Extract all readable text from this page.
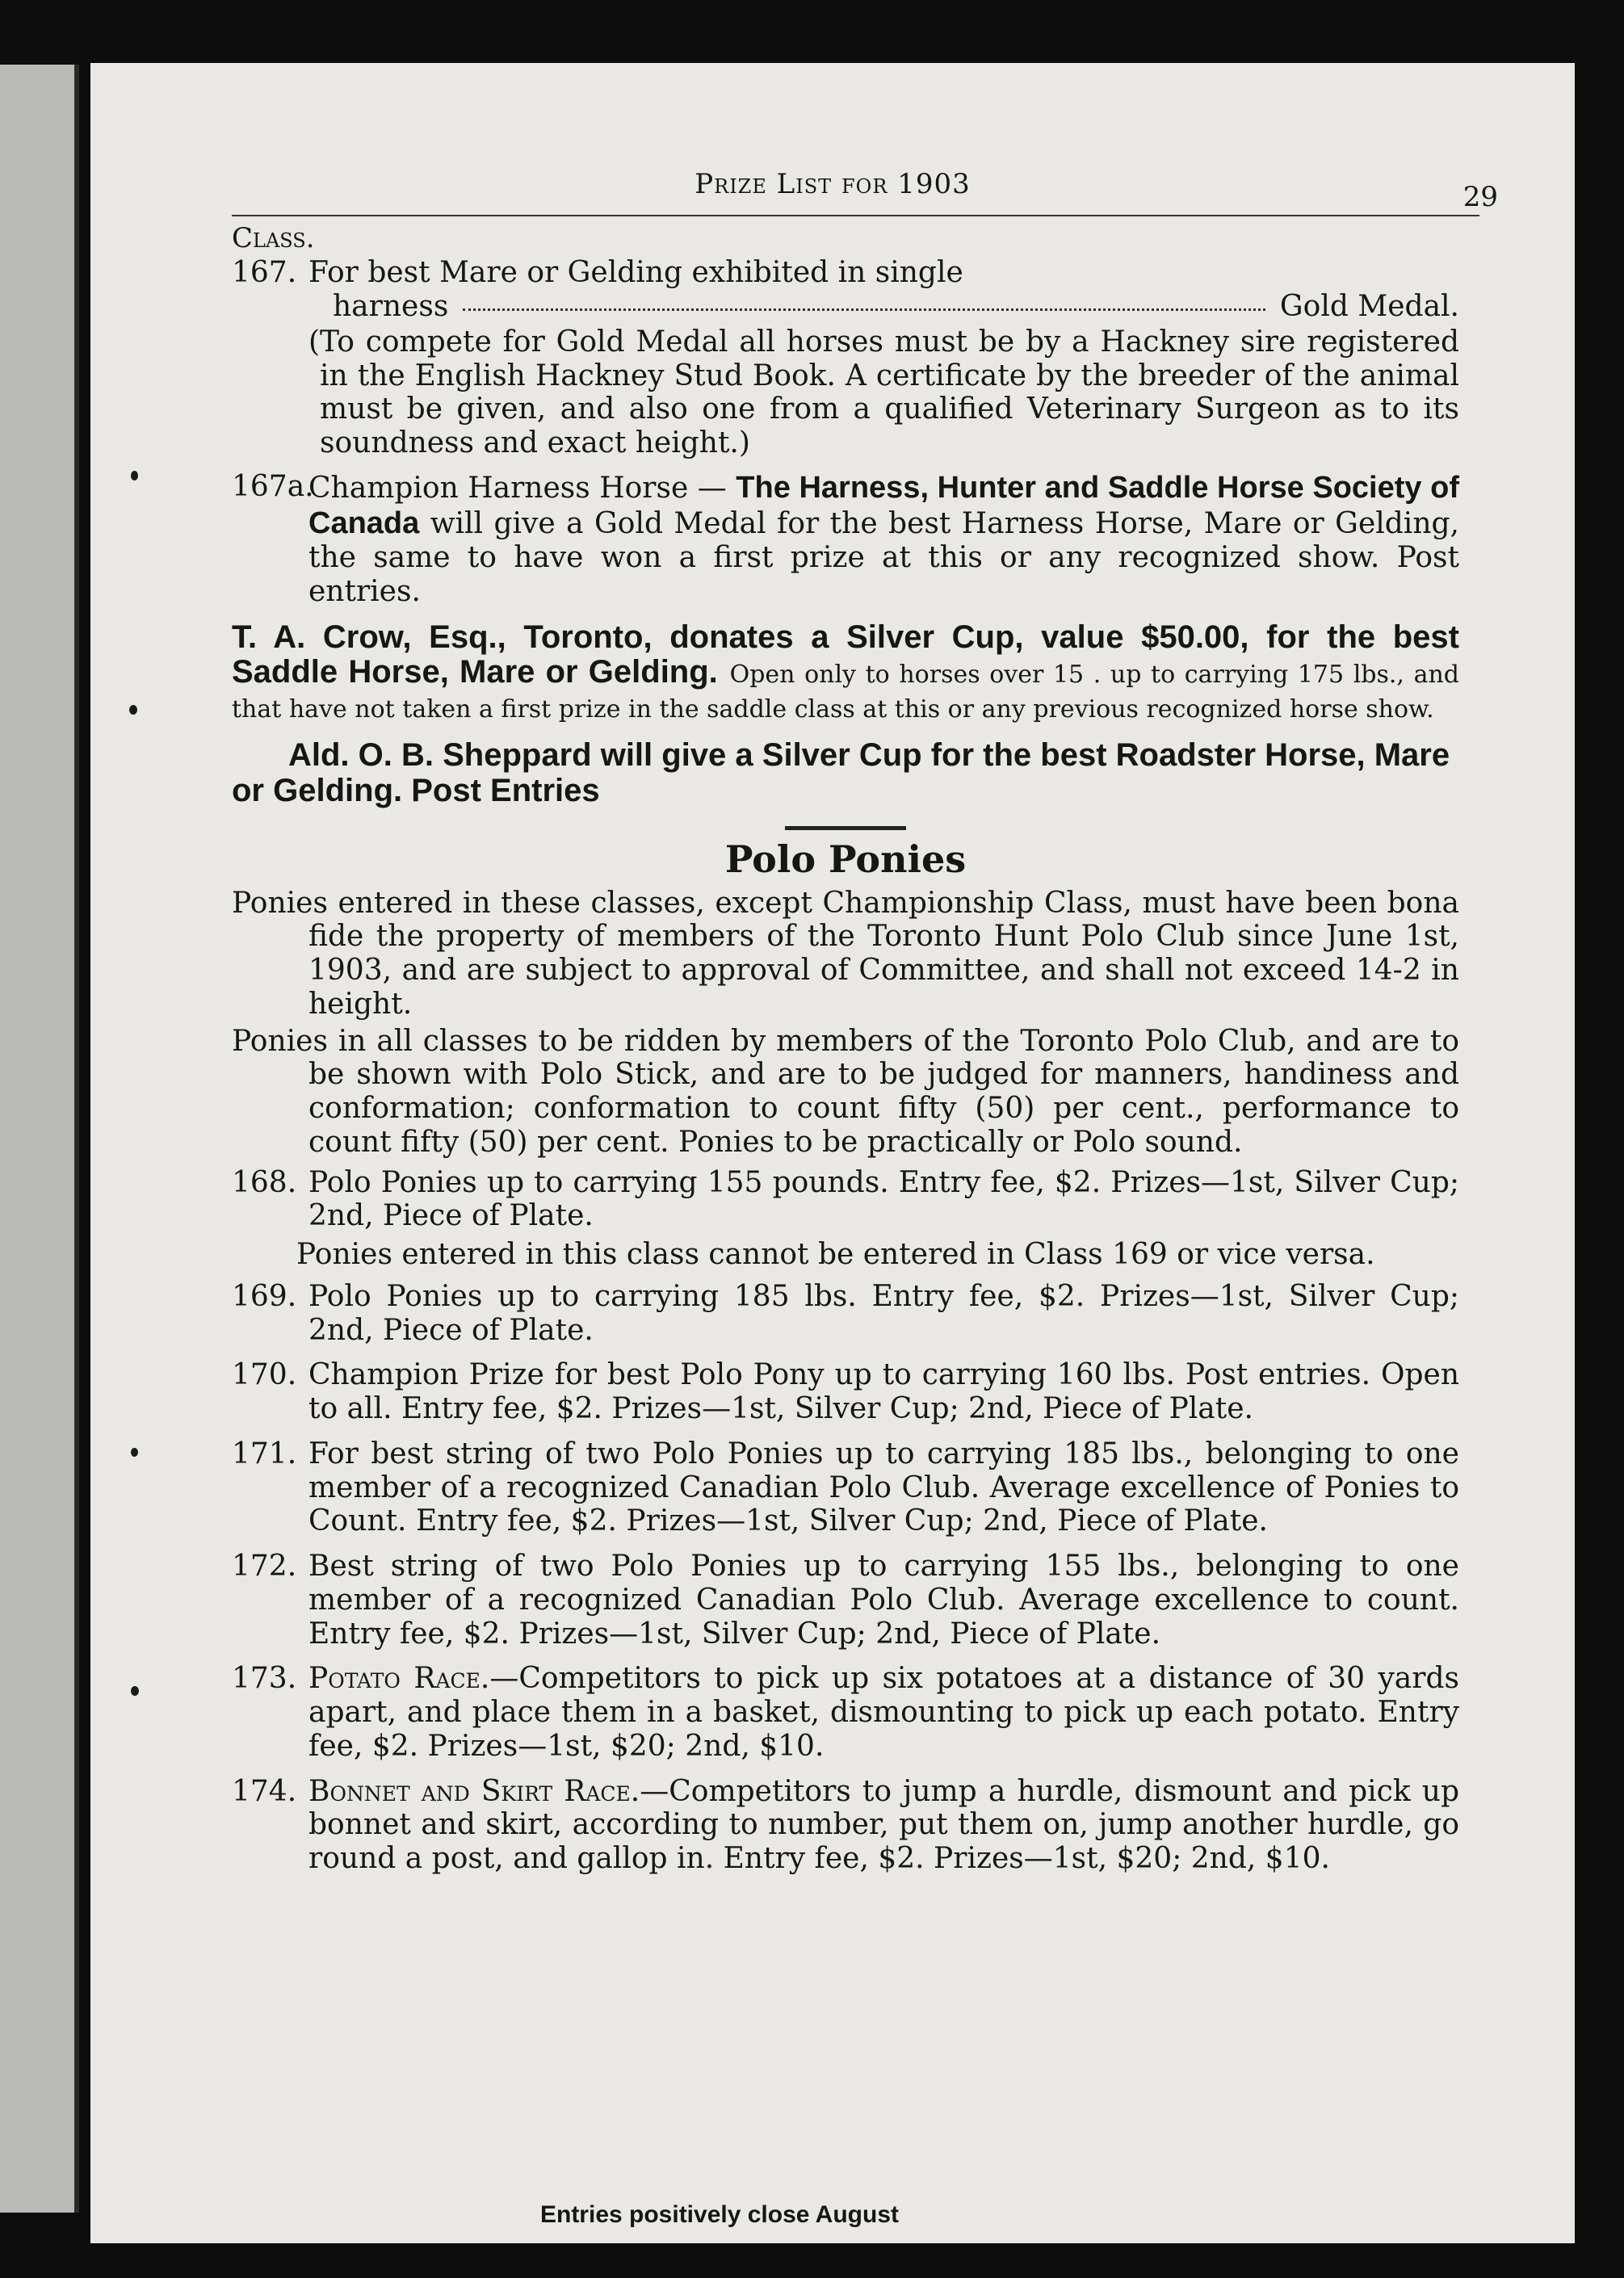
Prize List for 1903	29
Class.
167. For best Mare or Gelding exhibited in single
harness	Gold Medal.
(To compete for Gold Medal all horses must be by a Hackney sire registered in the English Hackney Stud Book. A certificate by the breeder of the animal must be given, and also one from a qualified Veterinary Surgeon as to its soundness and exact height.)
167a.
Champion Harness Horse — The Harness, Hunter and Saddle Horse Society of Canada will give a Gold Medal for the best Harness Horse, Mare or Gelding, the same to have won a first prize at this or any recognized show. Post entries.
T. A. Crow, Esq., Toronto, donates a Silver Cup, value $50.00, for the best Saddle Horse, Mare or Gelding. Open only to horses over 15 . up to carrying 175 lbs., and that have not taken a first prize in the saddle class at this or any previous recognized horse show.
Ald. O. B. Sheppard will give a Silver Cup for the best Roadster Horse, Mare or Gelding. Post Entries
Polo Ponies
Ponies entered in these classes, except Championship Class, must have been bona fide the property of members of the Toronto Hunt Polo Club since June 1st, 1903, and are subject to approval of Committee, and shall not exceed 14-2 in height.
Ponies in all classes to be ridden by members of the Toronto Polo Club, and are to be shown with Polo Stick, and are to be judged for manners, handiness and conformation; conformation to count fifty (50) per cent., performance to count fifty (50) per cent. Ponies to be practically or Polo sound.
168. Polo Ponies up to carrying 155 pounds. Entry fee, $2. Prizes—1st, Silver Cup; 2nd, Piece of Plate.
Ponies entered in this class cannot be entered in Class 169 or vice versa.
169. Polo Ponies up to carrying 185 lbs. Entry fee, $2. Prizes—1st, Silver Cup; 2nd, Piece of Plate.
170. Champion Prize for best Polo Pony up to carrying 160 lbs. Post entries. Open to all. Entry fee, $2. Prizes—1st, Silver Cup; 2nd, Piece of Plate.
171. For best string of two Polo Ponies up to carrying 185 lbs., belonging to one member of a recognized Canadian Polo Club. Average excellence of Ponies to Count. Entry fee, $2. Prizes—1st, Silver Cup; 2nd, Piece of Plate.
172. Best string of two Polo Ponies up to carrying 155 lbs., belonging to one member of a recognized Canadian Polo Club. Average excellence to count. Entry fee, $2. Prizes—1st, Silver Cup; 2nd, Piece of Plate.
173. Potato Race.—Competitors to pick up six potatoes at a distance of 30 yards apart, and place them in a basket, dismounting to pick up each potato. Entry fee, $2. Prizes—1st, $20; 2nd, $10.
174. Bonnet and Skirt Race.—Competitors to jump a hurdle, dismount and pick up bonnet and skirt, according to number, put them on, jump another hurdle, go round a post, and gallop in. Entry fee, $2. Prizes—1st, $20; 2nd, $10.
Entries positively close August
